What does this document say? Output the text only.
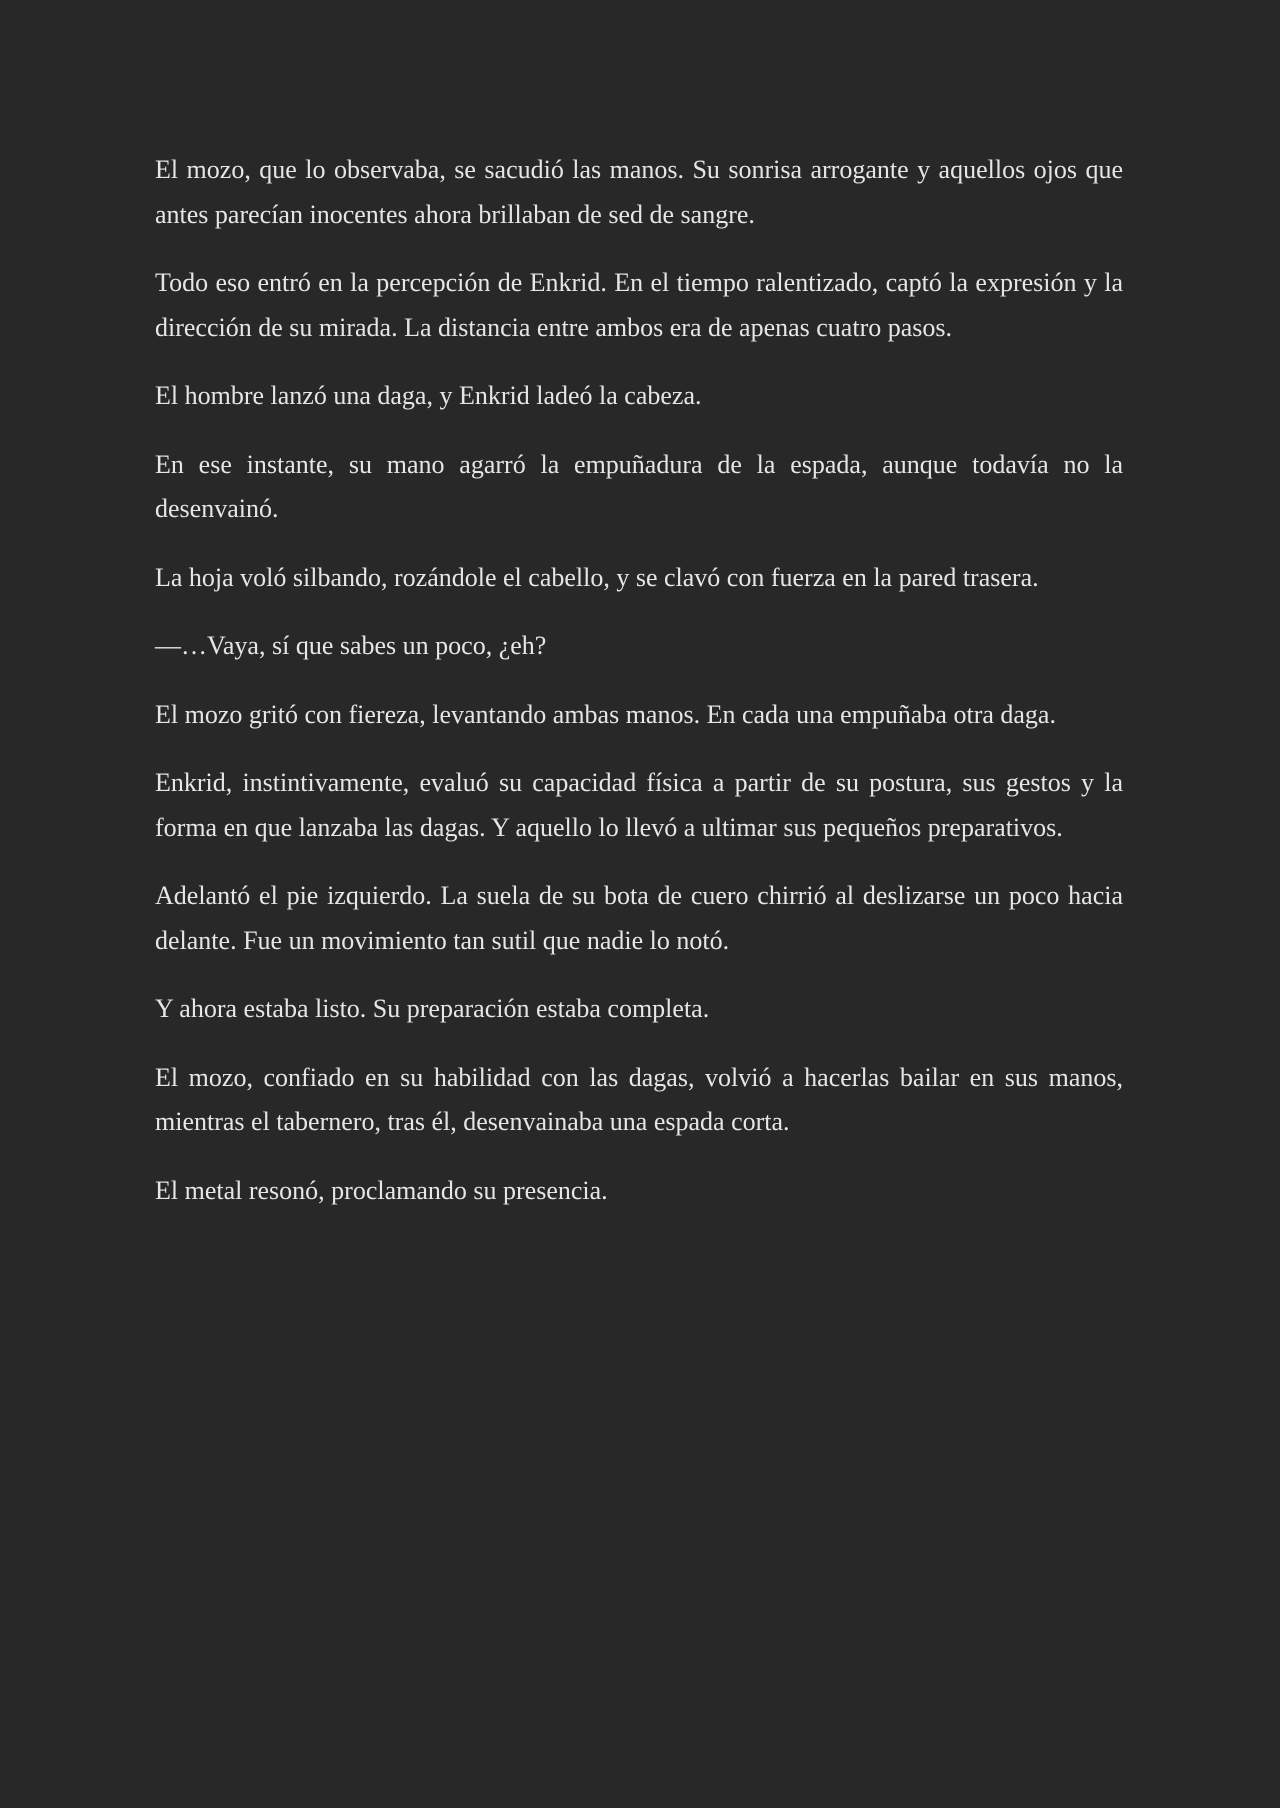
El mozo, que lo observaba, se sacudió las manos. Su sonrisa arrogante y aquellos ojos que antes parecían inocentes ahora brillaban de sed de sangre.

Todo eso entró en la percepción de Enkrid. En el tiempo ralentizado, captó la expresión y la dirección de su mirada. La distancia entre ambos era de apenas cuatro pasos.

El hombre lanzó una daga, y Enkrid ladeó la cabeza.

En ese instante, su mano agarró la empuñadura de la espada, aunque todavía no la desenvainó.

La hoja voló silbando, rozándole el cabello, y se clavó con fuerza en la pared trasera.

—…Vaya, sí que sabes un poco, ¿eh?

El mozo gritó con fiereza, levantando ambas manos. En cada una empuñaba otra daga.

Enkrid, instintivamente, evaluó su capacidad física a partir de su postura, sus gestos y la forma en que lanzaba las dagas. Y aquello lo llevó a ultimar sus pequeños preparativos.

Adelantó el pie izquierdo. La suela de su bota de cuero chirrió al deslizarse un poco hacia delante. Fue un movimiento tan sutil que nadie lo notó.

Y ahora estaba listo. Su preparación estaba completa.

El mozo, confiado en su habilidad con las dagas, volvió a hacerlas bailar en sus manos, mientras el tabernero, tras él, desenvainaba una espada corta.

El metal resonó, proclamando su presencia.
